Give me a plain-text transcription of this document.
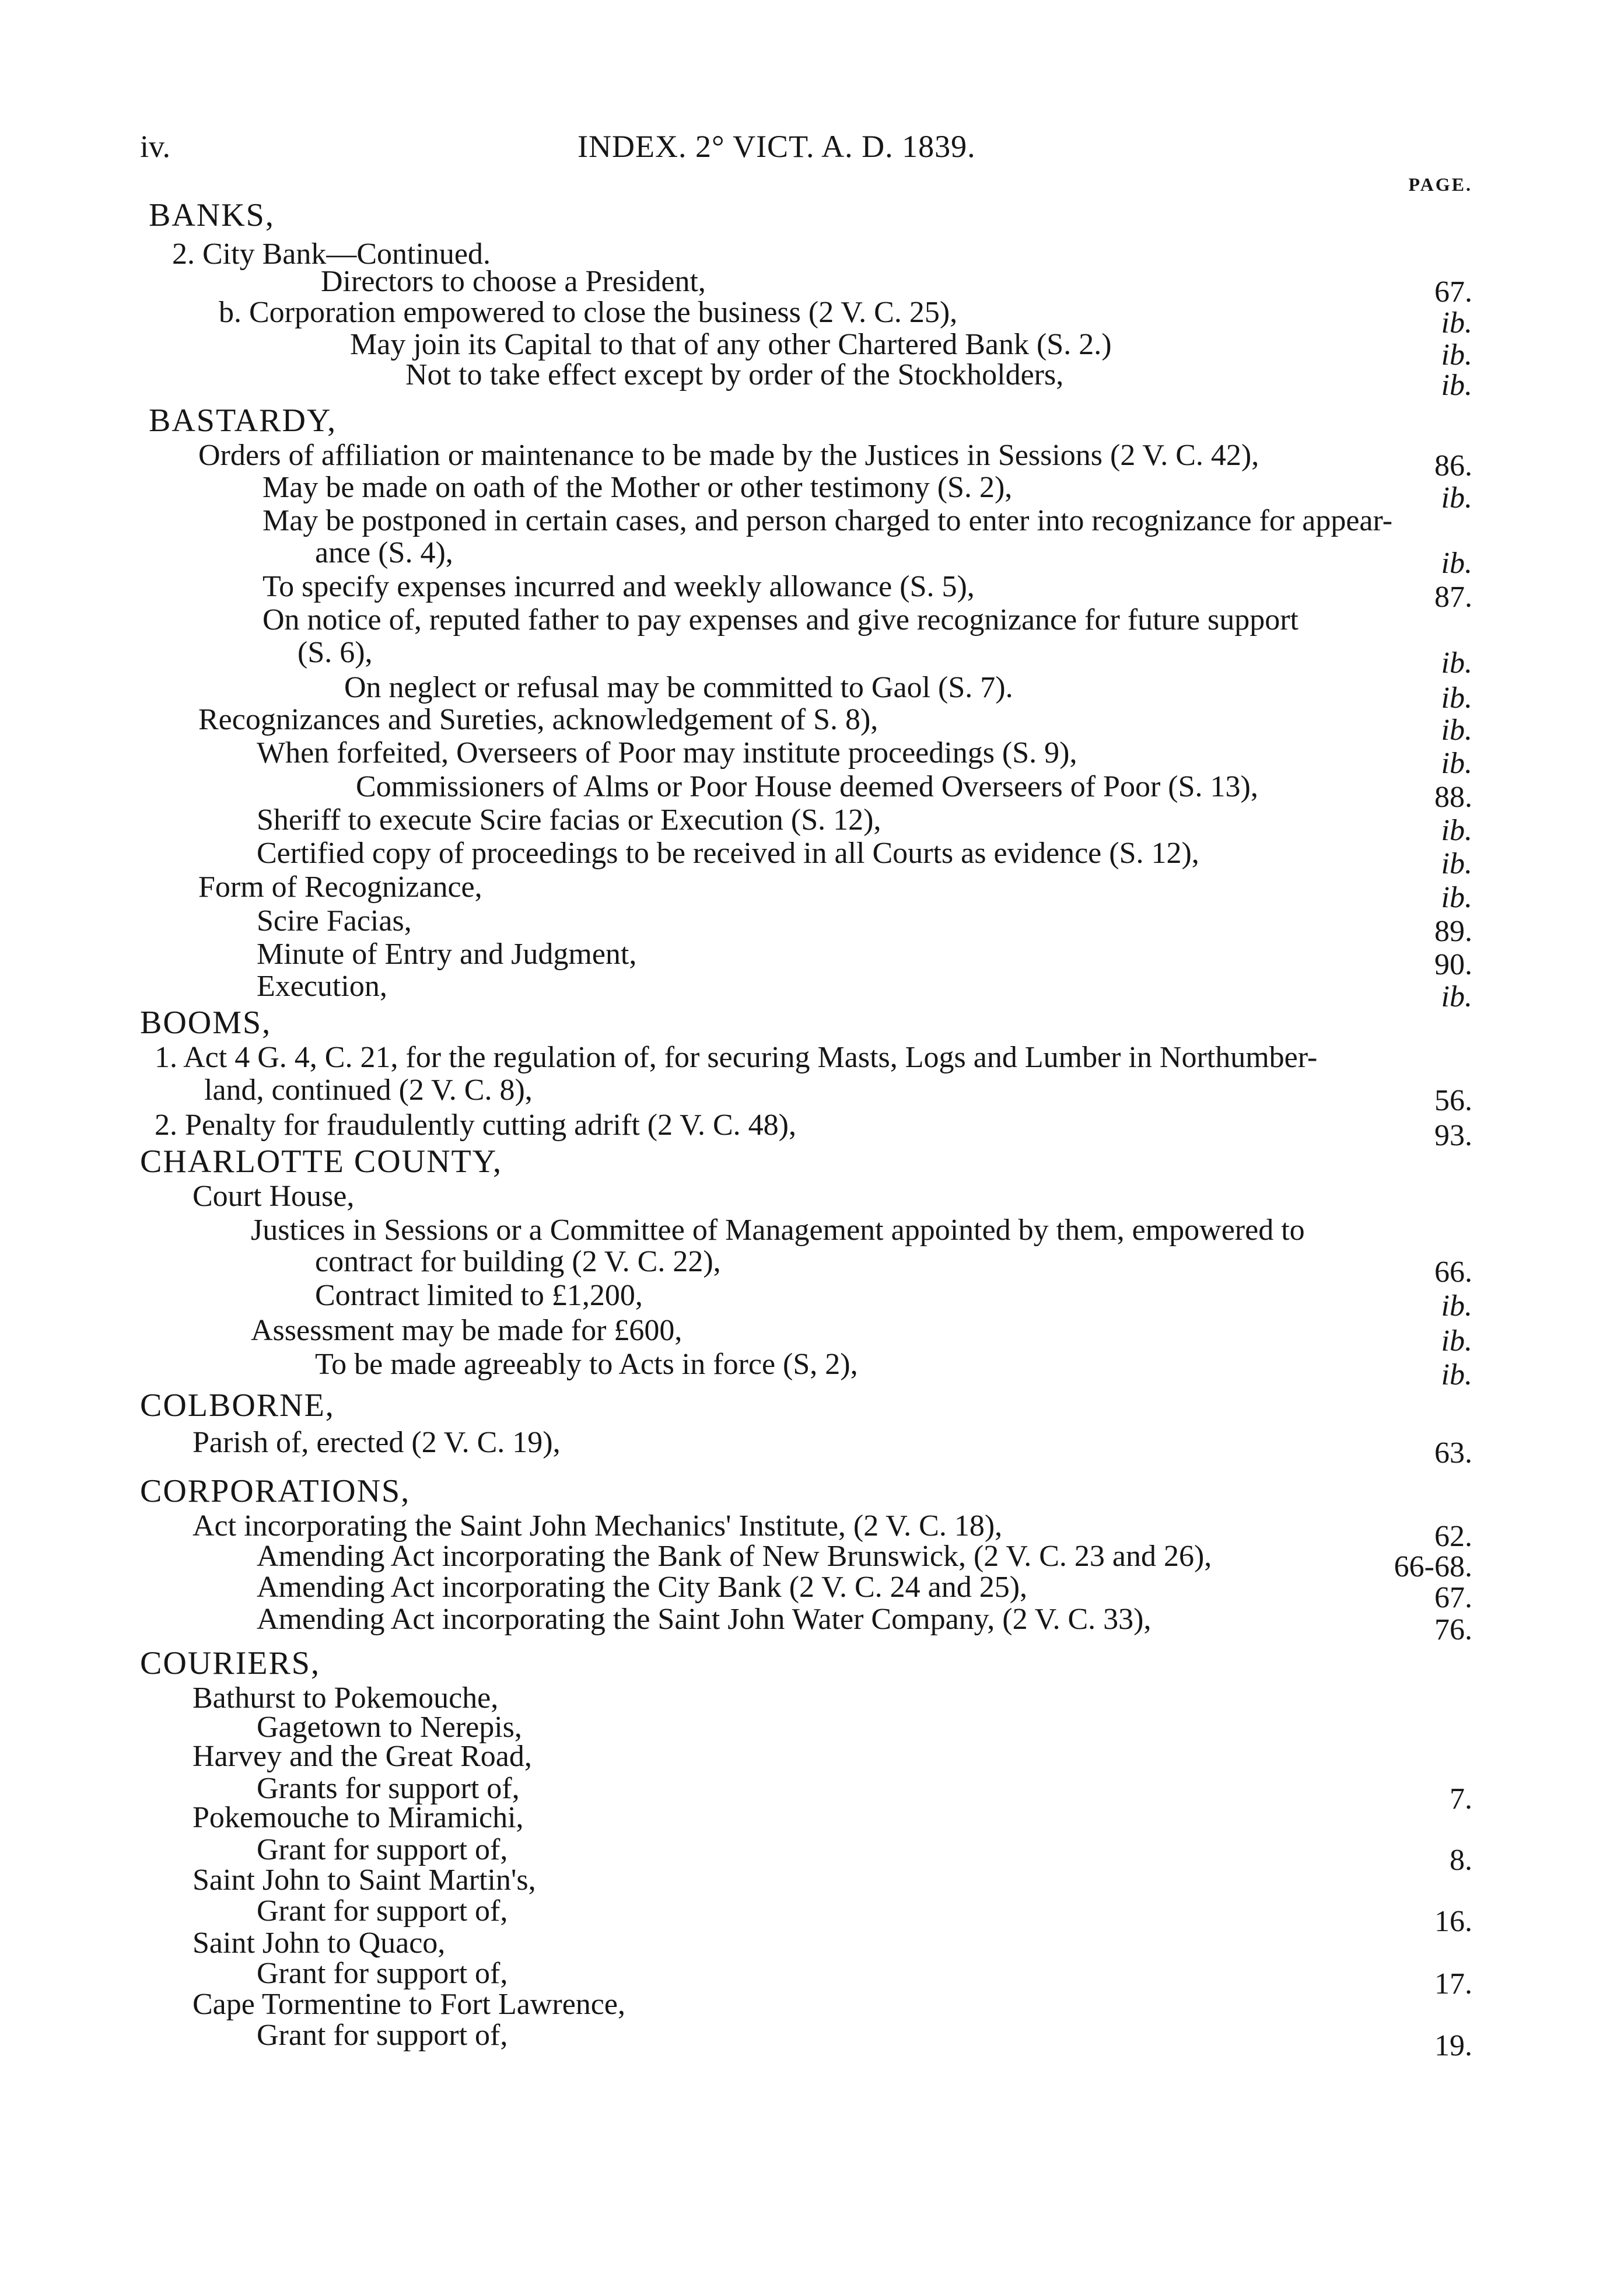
iv.	INDEX. 2° VICT. A. D. 1839.
PAGE.
BANKS,
2. City Bank—Continued.
Directors to choose a President,	67.
b. Corporation empowered to close the business (2 V. C. 25),	ib.
May join its Capital to that of any other Chartered Bank (S. 2.)	ib.
Not to take effect except by order of the Stockholders,	ib.
BASTARDY,
Orders of affiliation or maintenance to be made by the Justices in Sessions (2 V. C. 42),	86.
May be made on oath of the Mother or other testimony (S. 2),	ib.
May be postponed in certain cases, and person charged to enter into recognizance for appear-
ance (S. 4),	ib.
To specify expenses incurred and weekly allowance (S. 5),	87.
On notice of, reputed father to pay expenses and give recognizance for future support
(S. 6),	ib.
On neglect or refusal may be committed to Gaol (S. 7).	ib.
Recognizances and Sureties, acknowledgement of S. 8),	ib.
When forfeited, Overseers of Poor may institute proceedings (S. 9),	ib.
Commissioners of Alms or Poor House deemed Overseers of Poor (S. 13),	88.
Sheriff to execute Scire facias or Execution (S. 12),	ib.
Certified copy of proceedings to be received in all Courts as evidence (S. 12),	ib.
Form of Recognizance,	ib.
Scire Facias,	89.
Minute of Entry and Judgment,	90.
Execution,	ib.
BOOMS,
1. Act 4 G. 4, C. 21, for the regulation of, for securing Masts, Logs and Lumber in Northumber-
land, continued (2 V. C. 8),	56.
2. Penalty for fraudulently cutting adrift (2 V. C. 48),	93.
CHARLOTTE COUNTY,
Court House,
Justices in Sessions or a Committee of Management appointed by them, empowered to
contract for building (2 V. C. 22),	66.
Contract limited to £1,200,	ib.
Assessment may be made for £600,	ib.
To be made agreeably to Acts in force (S, 2),	ib.
COLBORNE,
Parish of, erected (2 V. C. 19),	63.
CORPORATIONS,
Act incorporating the Saint John Mechanics' Institute, (2 V. C. 18),	62.
Amending Act incorporating the Bank of New Brunswick, (2 V. C. 23 and 26),	66-68.
Amending Act incorporating the City Bank (2 V. C. 24 and 25),	67.
Amending Act incorporating the Saint John Water Company, (2 V. C. 33),	76.
COURIERS,
Bathurst to Pokemouche,
Gagetown to Nerepis,
Harvey and the Great Road,
Grants for support of,	7.
Pokemouche to Miramichi,
Grant for support of,	8.
Saint John to Saint Martin's,
Grant for support of,	16.
Saint John to Quaco,
Grant for support of,	17.
Cape Tormentine to Fort Lawrence,
Grant for support of,	19.
